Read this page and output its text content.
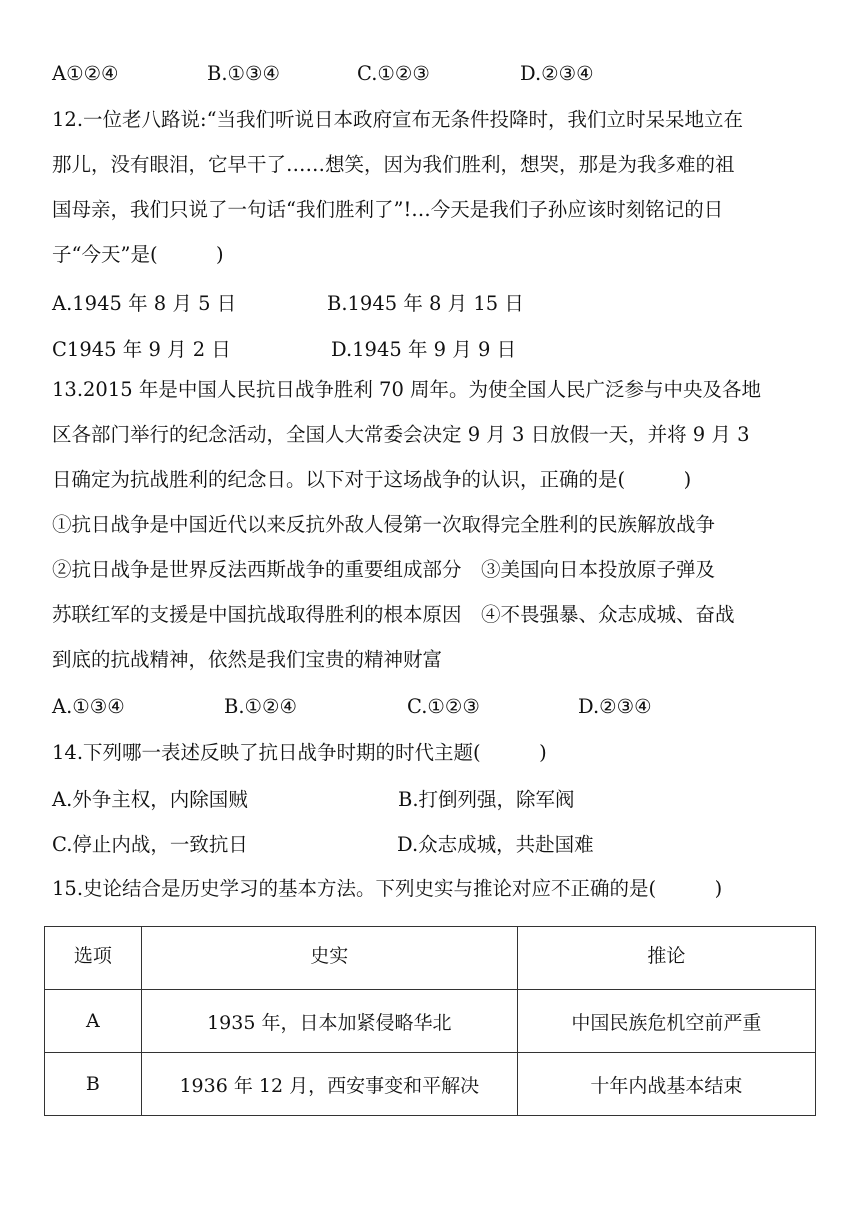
A①②④	B.①③④	C.①②③	D.②③④
12.一位老八路说:“当我们听说日本政府宣布无条件投降时，我们立时呆呆地立在
那儿，没有眼泪，它早干了……想笑，因为我们胜利，想哭，那是为我多难的祖
国母亲，我们只说了一句话“我们胜利了”!…今天是我们子孙应该时刻铭记的日
子“今天”是(　　　)
A.1945 年 8 月 5 日	B.1945 年 8 月 15 日
C1945 年 9 月 2 日	D.1945 年 9 月 9 日
13.2015 年是中国人民抗日战争胜利 70 周年。为使全国人民广泛参与中央及各地
区各部门举行的纪念活动，全国人大常委会决定 9 月 3 日放假一天，并将 9 月 3
日确定为抗战胜利的纪念日。以下对于这场战争的认识，正确的是(　　　)
①抗日战争是中国近代以来反抗外敌人侵第一次取得完全胜利的民族解放战争
②抗日战争是世界反法西斯战争的重要组成部分　③美国向日本投放原子弹及
苏联红军的支援是中国抗战取得胜利的根本原因　④不畏强暴、众志成城、奋战
到底的抗战精神，依然是我们宝贵的精神财富
A.①③④	B.①②④	C.①②③	D.②③④
14.下列哪一表述反映了抗日战争时期的时代主题(　　　)
A.外争主权，内除国贼	B.打倒列强，除军阀
C.停止内战，一致抗日	D.众志成城，共赴国难
15.史论结合是历史学习的基本方法。下列史实与推论对应不正确的是(　　　)
选项	史实	推论
A	1935 年，日本加紧侵略华北	中国民族危机空前严重
B	1936 年 12 月，西安事变和平解决	十年内战基本结束
